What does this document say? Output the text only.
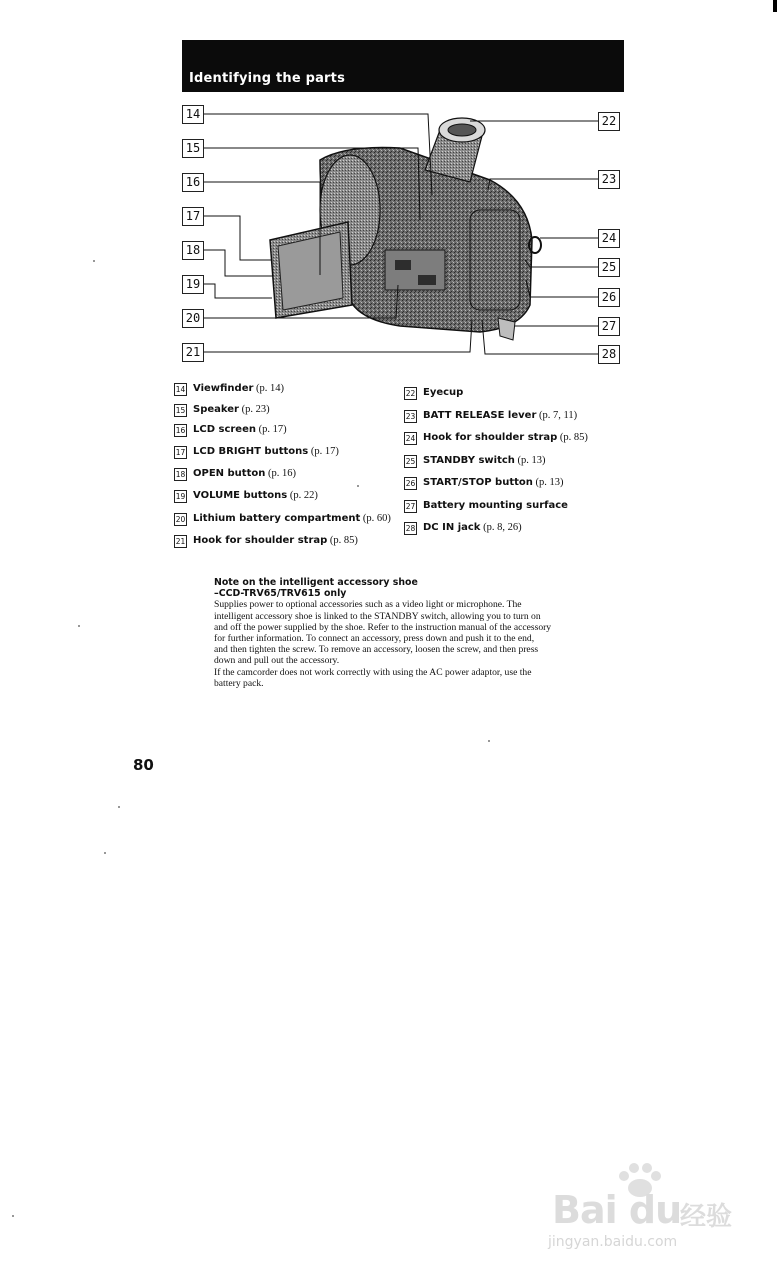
Identifying the parts
14
15
16
17
18
19
20
21
22
23
24
25
26
27
28
14 Viewfinder (p. 14)
15 Speaker (p. 23)
16 LCD screen (p. 17)
17 LCD BRIGHT buttons (p. 17)
18 OPEN button (p. 16)
19 VOLUME buttons (p. 22)
20 Lithium battery compartment (p. 60)
21 Hook for shoulder strap (p. 85)
22 Eyecup
23 BATT RELEASE lever (p. 7, 11)
24 Hook for shoulder strap (p. 85)
25 STANDBY switch (p. 13)
26 START/STOP button (p. 13)
27 Battery mounting surface
28 DC IN jack (p. 8, 26)
Note on the intelligent accessory shoe
–CCD-TRV65/TRV615 only
Supplies power to optional accessories such as a video light or microphone. The
intelligent accessory shoe is linked to the STANDBY switch, allowing you to turn on
and off the power supplied by the shoe. Refer to the instruction manual of the accessory
for further information. To connect an accessory, press down and push it to the end,
and then tighten the screw. To remove an accessory, loosen the screw, and then press
down and pull out the accessory.
If the camcorder does not work correctly with using the AC power adaptor, use the
battery pack.
80
Bai du
经验
jingyan.baidu.com
